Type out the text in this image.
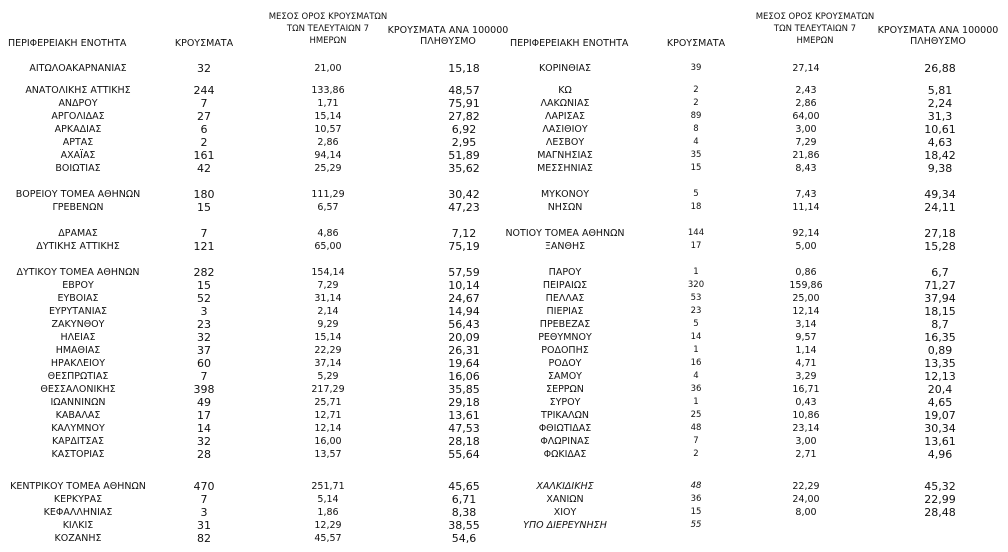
ΠΕΡΙΦΕΡΕΙΑΚΗ ΕΝΟΤΗΤΑ	ΚΡΟΥΣΜΑΤΑ
ΜΕΣΟΣ ΟΡΟΣ ΚΡΟΥΣΜΑΤΩΝ
ΤΩΝ ΤΕΛΕΥΤΑΙΩΝ 7
ΗΜΕΡΩΝ
ΚΡΟΥΣΜΑΤΑ ΑΝΑ 100000
ΠΛΗΘΥΣΜΟ	ΠΕΡΙΦΕΡΕΙΑΚΗ ΕΝΟΤΗΤΑ	ΚΡΟΥΣΜΑΤΑ
ΜΕΣΟΣ ΟΡΟΣ ΚΡΟΥΣΜΑΤΩΝ
ΤΩΝ ΤΕΛΕΥΤΑΙΩΝ 7
ΗΜΕΡΩΝ
ΚΡΟΥΣΜΑΤΑ ΑΝΑ 100000
ΠΛΗΘΥΣΜΟ
ΑΙΤΩΛΟΑΚΑΡΝΑΝΙΑΣ	32	21,00	15,18
ΑΝΑΤΟΛΙΚΗΣ ΑΤΤΙΚΗΣ	244	133,86	48,57
ΑΝΔΡΟΥ	7	1,71	75,91
ΑΡΓΟΛΙΔΑΣ	27	15,14	27,82
ΑΡΚΑΔΙΑΣ	6	10,57	6,92
ΑΡΤΑΣ	2	2,86	2,95
ΑΧΑΪΑΣ	161	94,14	51,89
ΒΟΙΩΤΙΑΣ	42	25,29	35,62
ΒΟΡΕΙΟΥ ΤΟΜΕΑ ΑΘΗΝΩΝ	180	111,29	30,42
ΓΡΕΒΕΝΩΝ	15	6,57	47,23
ΔΡΑΜΑΣ	7	4,86	7,12
ΔΥΤΙΚΗΣ ΑΤΤΙΚΗΣ	121	65,00	75,19
ΔΥΤΙΚΟΥ ΤΟΜΕΑ ΑΘΗΝΩΝ	282	154,14	57,59
ΕΒΡΟΥ	15	7,29	10,14
ΕΥΒΟΙΑΣ	52	31,14	24,67
ΕΥΡΥΤΑΝΙΑΣ	3	2,14	14,94
ΖΑΚΥΝΘΟΥ	23	9,29	56,43
ΗΛΕΙΑΣ	32	15,14	20,09
ΗΜΑΘΙΑΣ	37	22,29	26,31
ΗΡΑΚΛΕΙΟΥ	60	37,14	19,64
ΘΕΣΠΡΩΤΙΑΣ	7	5,29	16,06
ΘΕΣΣΑΛΟΝΙΚΗΣ	398	217,29	35,85
ΙΩΑΝΝΙΝΩΝ	49	25,71	29,18
ΚΑΒΑΛΑΣ	17	12,71	13,61
ΚΑΛΥΜΝΟΥ	14	12,14	47,53
ΚΑΡΔΙΤΣΑΣ	32	16,00	28,18
ΚΑΣΤΟΡΙΑΣ	28	13,57	55,64
ΚΕΝΤΡΙΚΟΥ ΤΟΜΕΑ ΑΘΗΝΩΝ	470	251,71	45,65
ΚΕΡΚΥΡΑΣ	7	5,14	6,71
ΚΕΦΑΛΛΗΝΙΑΣ	3	1,86	8,38
ΚΙΛΚΙΣ	31	12,29	38,55
ΚΟΖΑΝΗΣ	82	45,57	54,6
ΚΟΡΙΝΘΙΑΣ	39	27,14	26,88
ΚΩ	2	2,43	5,81
ΛΑΚΩΝΙΑΣ	2	2,86	2,24
ΛΑΡΙΣΑΣ	89	64,00	31,3
ΛΑΣΙΘΙΟΥ	8	3,00	10,61
ΛΕΣΒΟΥ	4	7,29	4,63
ΜΑΓΝΗΣΙΑΣ	35	21,86	18,42
ΜΕΣΣΗΝΙΑΣ	15	8,43	9,38
ΜΥΚΟΝΟΥ	5	7,43	49,34
ΝΗΣΩΝ	18	11,14	24,11
ΝΟΤΙΟΥ ΤΟΜΕΑ ΑΘΗΝΩΝ	144	92,14	27,18
ΞΑΝΘΗΣ	17	5,00	15,28
ΠΑΡΟΥ	1	0,86	6,7
ΠΕΙΡΑΙΩΣ	320	159,86	71,27
ΠΕΛΛΑΣ	53	25,00	37,94
ΠΙΕΡΙΑΣ	23	12,14	18,15
ΠΡΕΒΕΖΑΣ	5	3,14	8,7
ΡΕΘΥΜΝΟΥ	14	9,57	16,35
ΡΟΔΟΠΗΣ	1	1,14	0,89
ΡΟΔΟΥ	16	4,71	13,35
ΣΑΜΟΥ	4	3,29	12,13
ΣΕΡΡΩΝ	36	16,71	20,4
ΣΥΡΟΥ	1	0,43	4,65
ΤΡΙΚΑΛΩΝ	25	10,86	19,07
ΦΘΙΩΤΙΔΑΣ	48	23,14	30,34
ΦΛΩΡΙΝΑΣ	7	3,00	13,61
ΦΩΚΙΔΑΣ	2	2,71	4,96
ΧΑΛΚΙΔΙΚΗΣ	48	22,29	45,32
ΧΑΝΙΩΝ	36	24,00	22,99
ΧΙΟΥ	15	8,00	28,48
ΥΠΟ ΔΙΕΡΕΥΝΗΣΗ	55
